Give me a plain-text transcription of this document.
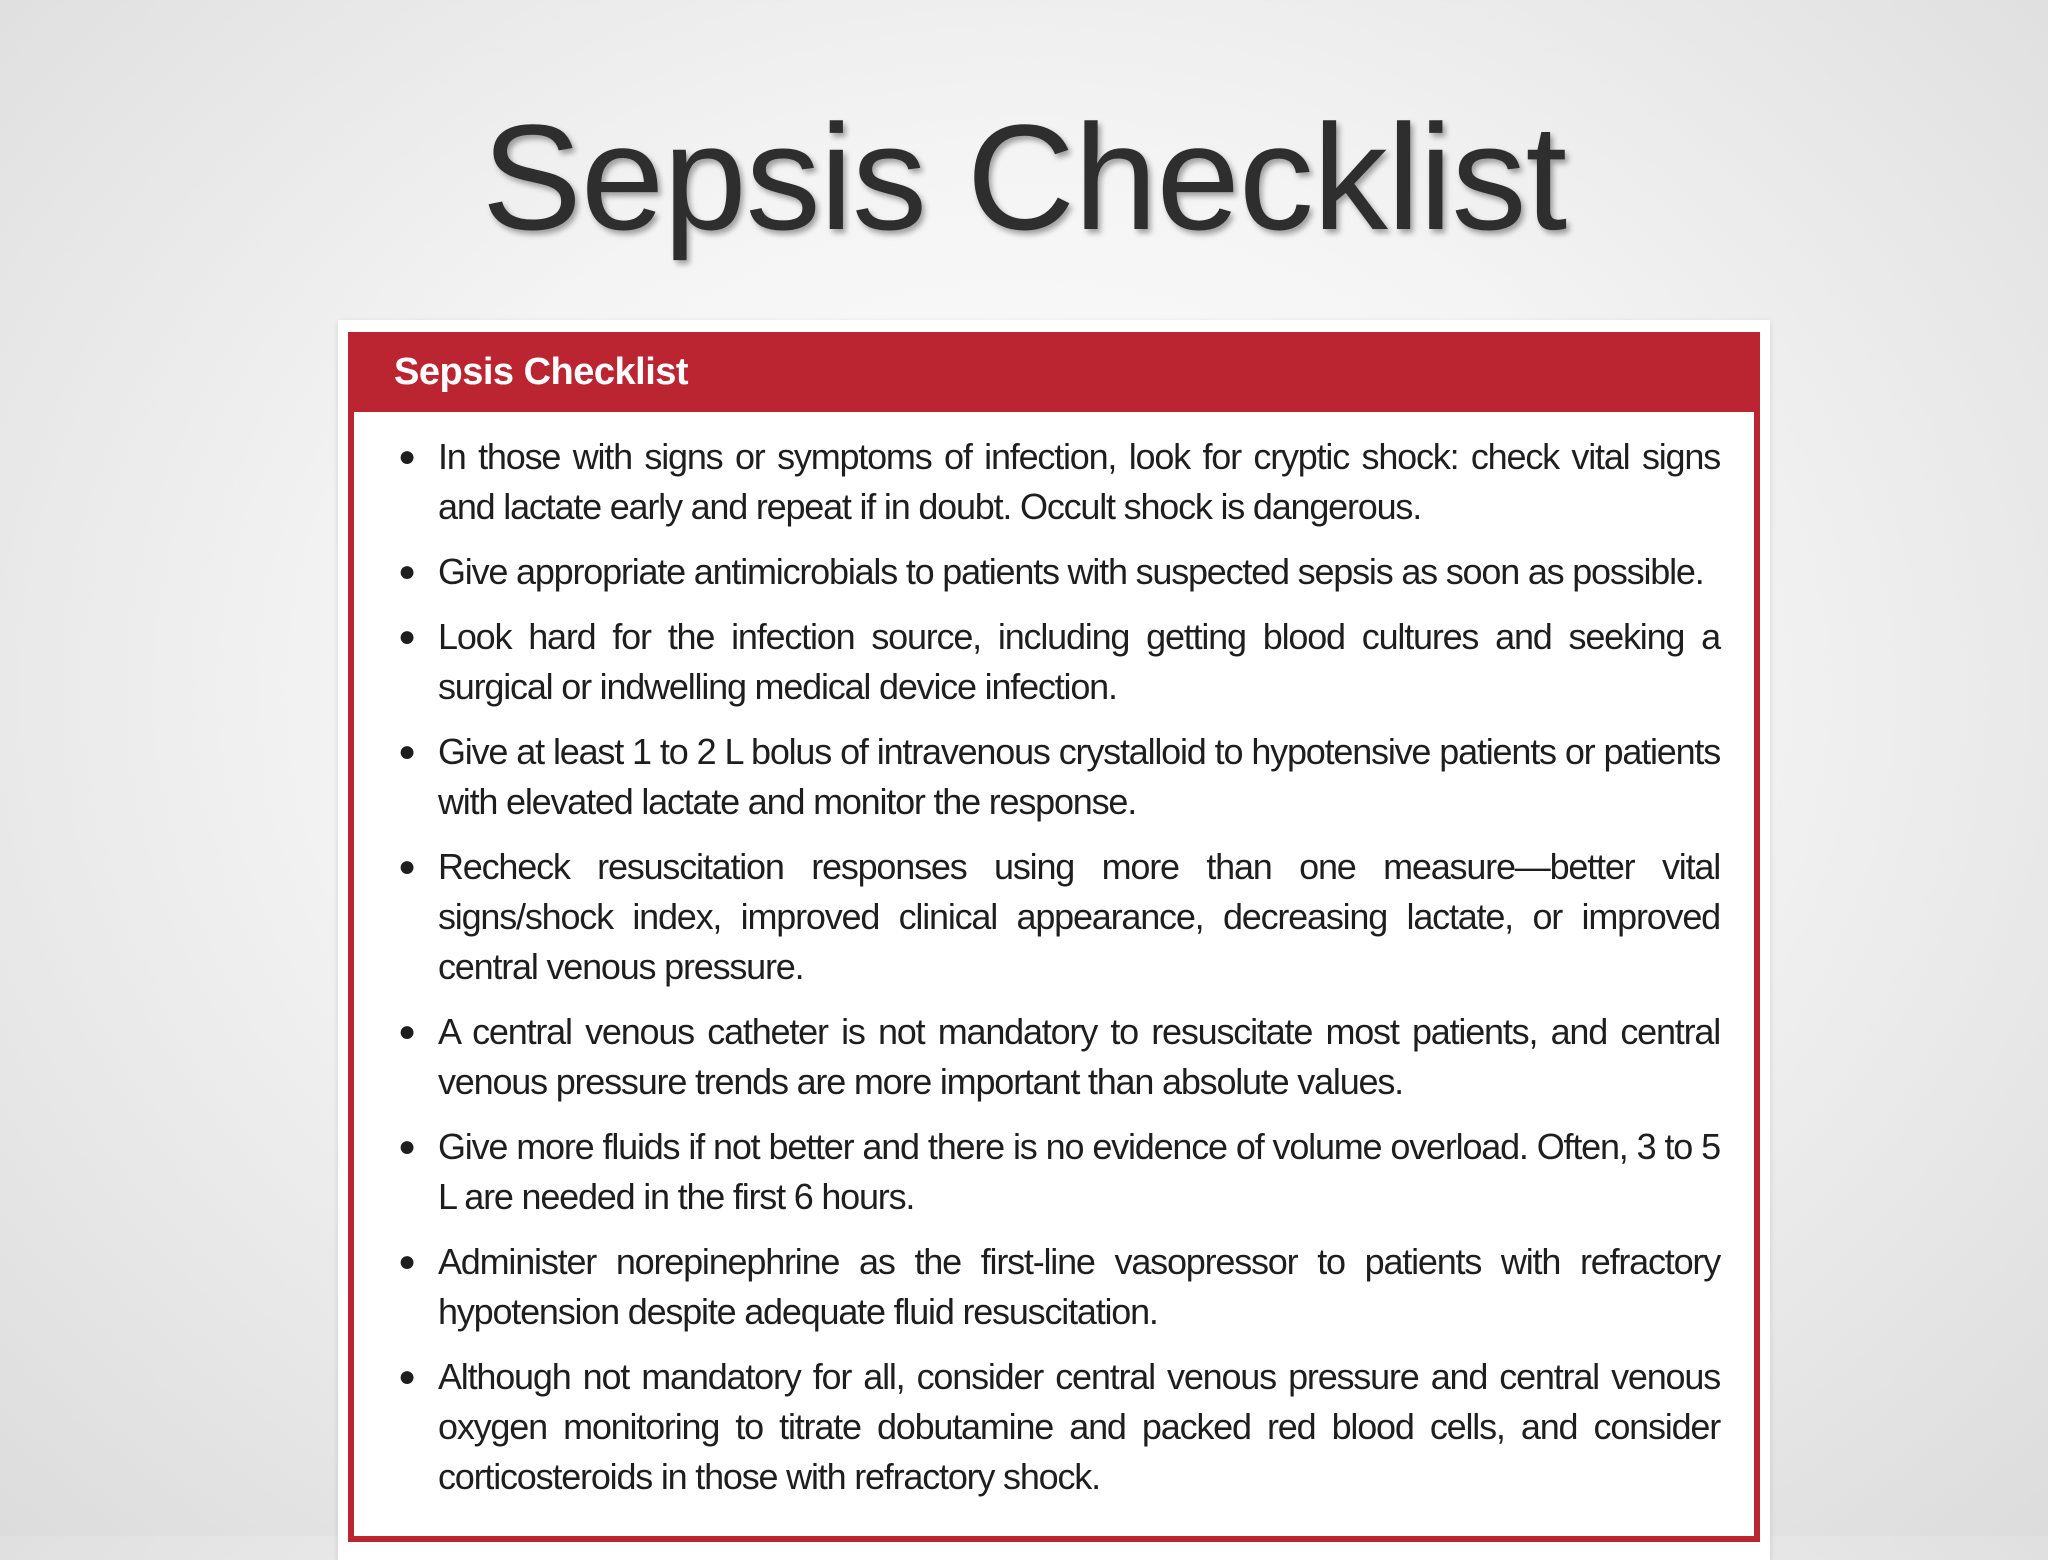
Sepsis Checklist
Sepsis Checklist
● In those with signs or symptoms of infection, look for cryptic shock: check vital signs and lactate early and repeat if in doubt. Occult shock is dangerous.
● Give appropriate antimicrobials to patients with suspected sepsis as soon as possible.
● Look hard for the infection source, including getting blood cultures and seeking a surgical or indwelling medical device infection.
● Give at least 1 to 2 L bolus of intravenous crystalloid to hypotensive patients or patients with elevated lactate and monitor the response.
● Recheck resuscitation responses using more than one measure—better vital signs/shock index, improved clinical appearance, decreasing lactate, or improved central venous pressure.
● A central venous catheter is not mandatory to resuscitate most patients, and central venous pressure trends are more important than absolute values.
● Give more fluids if not better and there is no evidence of volume overload. Often, 3 to 5 L are needed in the first 6 hours.
● Administer norepinephrine as the first-line vasopressor to patients with refractory hypotension despite adequate fluid resuscitation.
● Although not mandatory for all, consider central venous pressure and central venous oxygen monitoring to titrate dobutamine and packed red blood cells, and consider corticosteroids in those with refractory shock.
